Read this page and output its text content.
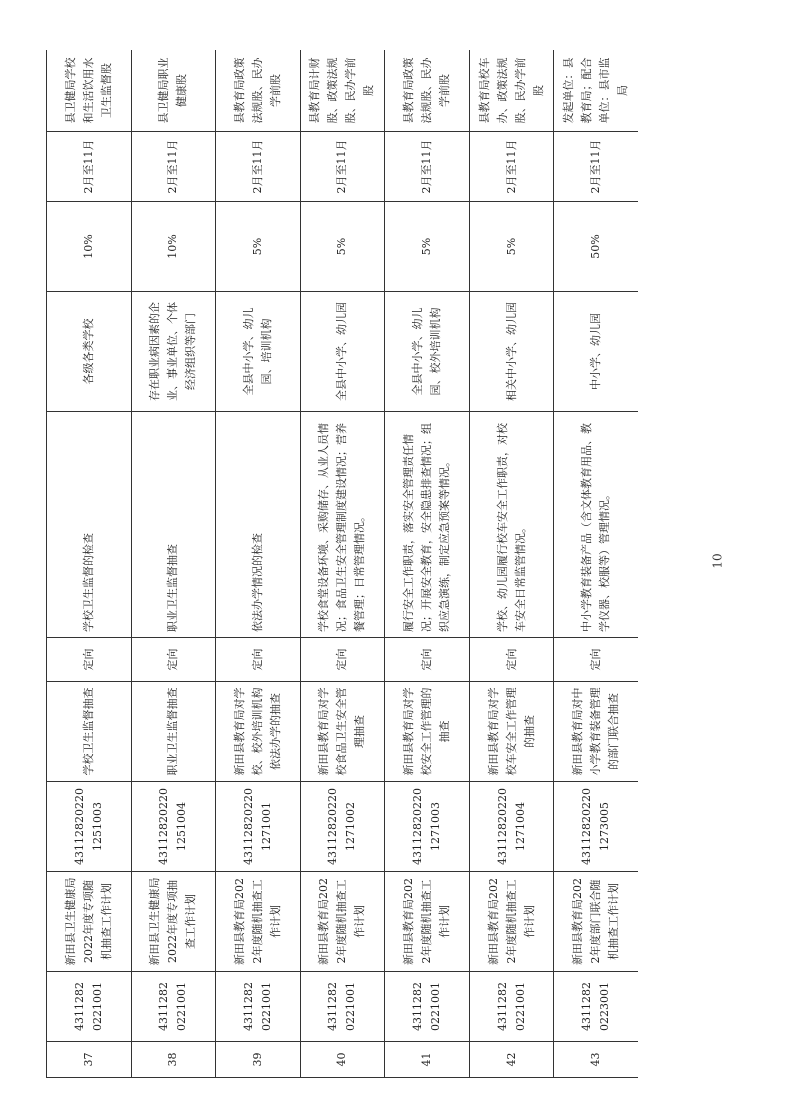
37	4311282 0221001	新田县卫生健康局2022年度专项随机抽查工作计划	43112820220 1251003	学校卫生监督抽查	定向	学校卫生监督的检查	各级各类学校	10%	2月至11月	县卫健局学校和生活饮用水卫生监督股
38	4311282 0221001	新田县卫生健康局2022年度专项抽查工作计划	43112820220 1251004	职业卫生监督抽查	定向	职业卫生监督抽查	存在职业病因素的企业、事业单位、个体经济组织等部门	10%	2月至11月	县卫健局职业健康股
39	4311282 0221001	新田县教育局2022年度随机抽查工作计划	43112820220 1271001	新田县教育局对学校、校外培训机构依法办学的抽查	定向	依法办学情况的检查	全县中小学、幼儿园、培训机构	5%	2月至11月	县教育局政策法规股、民办学前股
40	4311282 0221001	新田县教育局2022年度随机抽查工作计划	43112820220 1271002	新田县教育局对学校食品卫生安全管理抽查	定向	学校食堂设备环境、采购储存、从业人员情况；食品卫生安全管理制度建设情况；营养餐管理；日常管理情况。	全县中小学、幼儿园	5%	2月至11月	县教育局计财股、政策法规股、民办学前股
41	4311282 0221001	新田县教育局2022年度随机抽查工作计划	43112820220 1271003	新田县教育局对学校安全工作管理的抽查	定向	履行安全工作职责，落实安全管理责任情况；开展安全教育，安全隐患排查情况；组织应急演练，制定应急预案等情况。	全县中小学、幼儿园、校外培训机构	5%	2月至11月	县教育局政策法规股、民办学前股
42	4311282 0221001	新田县教育局2022年度随机抽查工作计划	43112820220 1271004	新田县教育局对学校车安全工作管理的抽查	定向	学校、幼儿园履行校车安全工作职责，对校车安全日常监管情况。	相关中小学、幼儿园	5%	2月至11月	县教育局校车办、政策法规股、民办学前股
43	4311282 0223001	新田县教育局2022年度部门联合随机抽查工作计划	43112820220 1273005	新田县教育局对中小学教育装备管理的部门联合抽查	定向	中小学教育装备产品（含文体教育用品、教学仪器、校服等）管理情况。	中小学、幼儿园	50%	2月至11月	发起单位：县教育局；配合单位：县市监局
10
